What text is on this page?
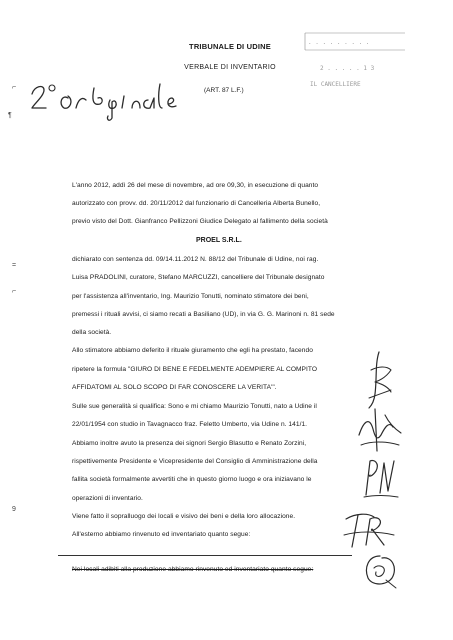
TRIBUNALE DI UDINE
VERBALE DI INVENTARIO
(ART. 87 L.F.)
. . . . . . . . .
2 . . . . . 1 3
IL CANCELLIERE
⌐
¶
=
⌐
9
L'anno 2012, addì 26 del mese di novembre, ad ore 09,30, in esecuzione di quanto
autorizzato con provv. dd. 20/11/2012 dal funzionario di Cancelleria Alberta Bunello,
previo visto del Dott. Gianfranco Pellizzoni Giudice Delegato al fallimento della società
PROEL S.R.L.
dichiarato con sentenza dd. 09/14.11.2012 N. 88/12 del Tribunale di Udine, noi rag.
Luisa PRADOLINI, curatore, Stefano MARCUZZI, cancelliere del Tribunale designato
per l'assistenza all'inventario, Ing. Maurizio Tonutti, nominato stimatore dei beni,
premessi i rituali avvisi, ci siamo recati a Basiliano (UD), in via G. G. Marinoni n. 81 sede
della società.
Allo stimatore abbiamo deferito il rituale giuramento che egli ha prestato, facendo
ripetere la formula "GIURO DI BENE E FEDELMENTE ADEMPIERE AL COMPITO
AFFIDATOMI AL SOLO SCOPO DI FAR CONOSCERE LA VERITA'".
Sulle sue generalità si qualifica: Sono e mi chiamo Maurizio Tonutti, nato a Udine il
22/01/1954 con studio in Tavagnacco fraz. Feletto Umberto, via Udine n. 141/1.
Abbiamo inoltre avuto la presenza dei signori Sergio Blasutto e Renato Zorzini,
rispettivemente Presidente e Vicepresidente del Consiglio di Amministrazione della
fallita società formalmente avvertiti che in questo giorno luogo e ora iniziavano le
operazioni di inventario.
Viene fatto il sopralluogo dei locali e visivo dei beni e della loro allocazione.
All'esterno abbiamo rinvenuto ed inventariato quanto segue:
Nei locali adibiti alla produzione abbiamo rinvenuto ed inventariato quanto segue:
